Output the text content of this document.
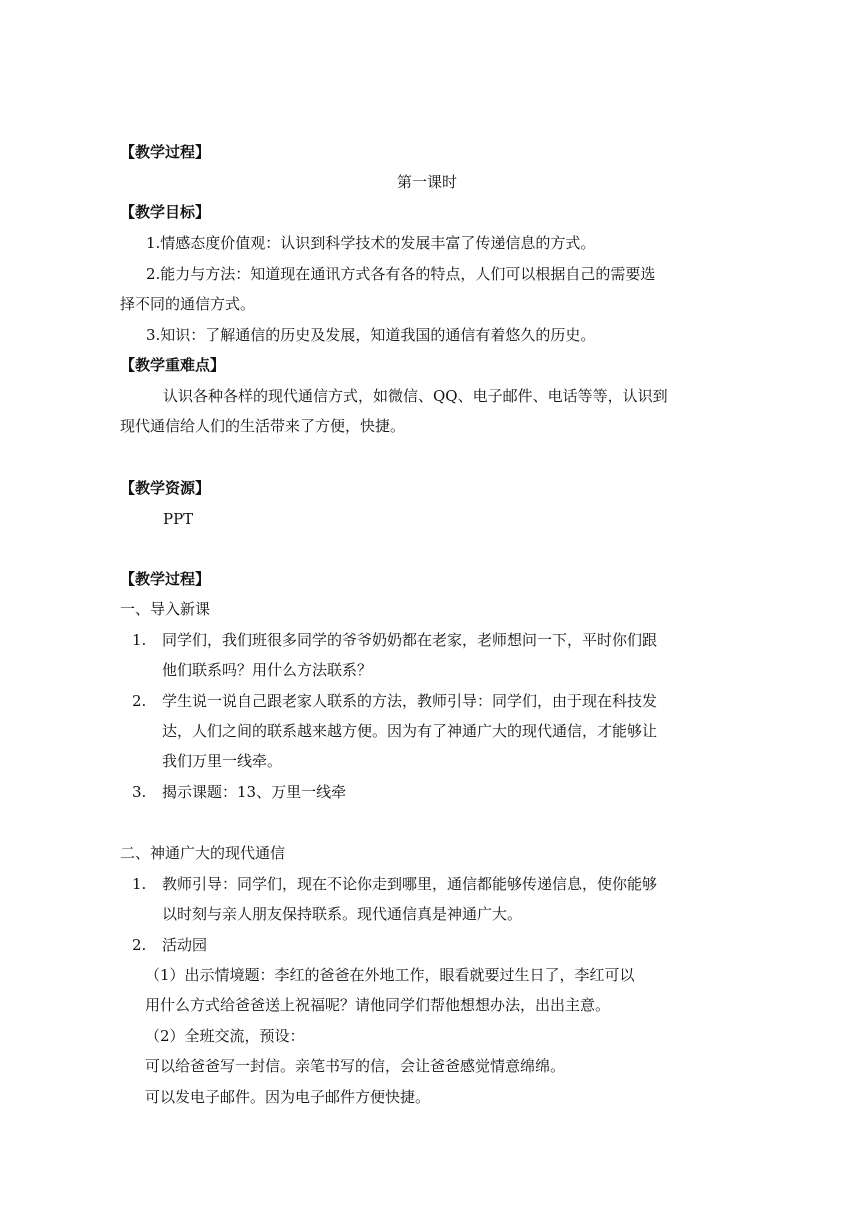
【教学过程】
第一课时
【教学目标】
1.情感态度价值观：认识到科学技术的发展丰富了传递信息的方式。
2.能力与方法：知道现在通讯方式各有各的特点，人们可以根据自己的需要选
择不同的通信方式。
3.知识：了解通信的历史及发展，知道我国的通信有着悠久的历史。
【教学重难点】
认识各种各样的现代通信方式，如微信、QQ、电子邮件、电话等等，认识到
现代通信给人们的生活带来了方便，快捷。
【教学资源】
PPT
【教学过程】
一、导入新课
1. 同学们，我们班很多同学的爷爷奶奶都在老家，老师想问一下，平时你们跟
他们联系吗？用什么方法联系？
2. 学生说一说自己跟老家人联系的方法，教师引导：同学们，由于现在科技发
达，人们之间的联系越来越方便。因为有了神通广大的现代通信，才能够让
我们万里一线牵。
3. 揭示课题：13、万里一线牵
二、神通广大的现代通信
1. 教师引导：同学们，现在不论你走到哪里，通信都能够传递信息，使你能够
以时刻与亲人朋友保持联系。现代通信真是神通广大。
2. 活动园
（1）出示情境题：李红的爸爸在外地工作，眼看就要过生日了，李红可以
用什么方式给爸爸送上祝福呢？请他同学们帮他想想办法，出出主意。
（2）全班交流，预设：
可以给爸爸写一封信。亲笔书写的信，会让爸爸感觉情意绵绵。
可以发电子邮件。因为电子邮件方便快捷。
